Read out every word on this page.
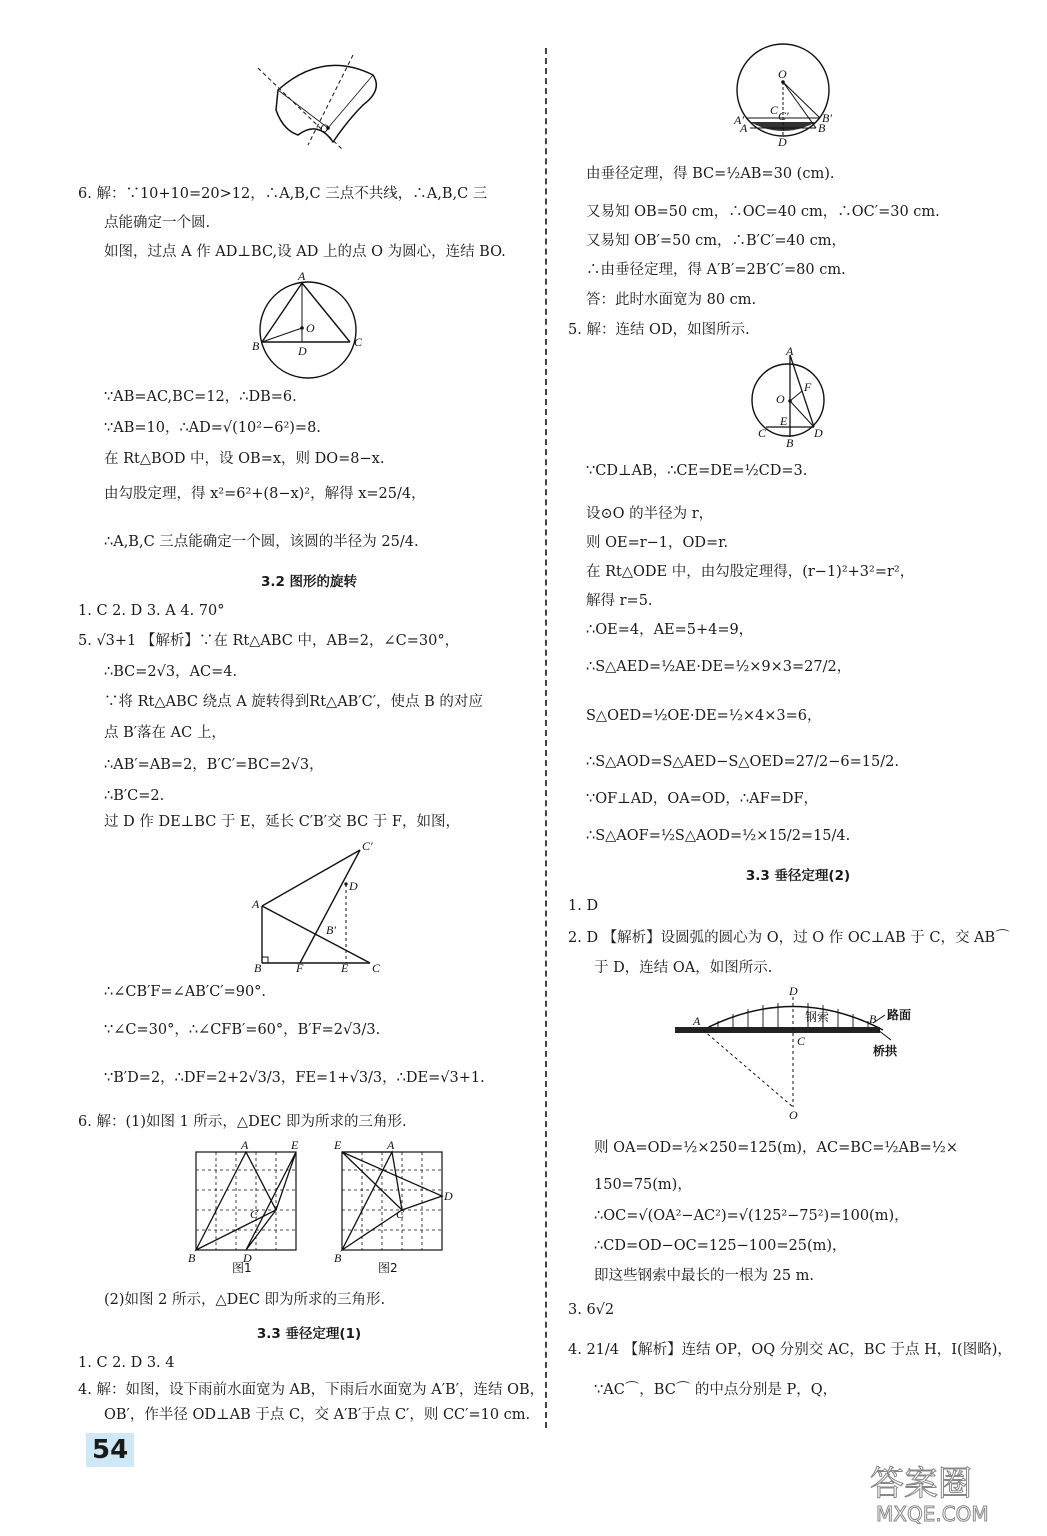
O
6. 解：∵10+10=20>12，∴A,B,C 三点不共线，∴A,B,C 三
点能确定一个圆.
如图，过点 A 作 AD⊥BC,设 AD 上的点 O 为圆心，连结 BO.
A
B	C
D
O
∵AB=AC,BC=12，∴DB=6.
∵AB=10，∴AD=√(10²−6²)=8.
在 Rt△BOD 中，设 OB=x，则 DO=8−x.
由勾股定理，得 x²=6²+(8−x)²，解得 x=25/4，
∴A,B,C 三点能确定一个圆，该圆的半径为 25/4.
3.2 图形的旋转
1. C 2. D 3. A 4. 70°
5. √3+1 【解析】∵在 Rt△ABC 中，AB=2，∠C=30°，
∴BC=2√3，AC=4.
∵将 Rt△ABC 绕点 A 旋转得到Rt△AB′C′，使点 B 的对应
点 B′落在 AC 上，
∴AB′=AB=2，B′C′=BC=2√3，
∴B′C=2.
过 D 作 DE⊥BC 于 E，延长 C′B′交 BC 于 F，如图，
A
B	C
C′
D
B′
F	E
∴∠CB′F=∠AB′C′=90°.
∵∠C=30°，∴∠CFB′=60°，B′F=2√3/3.
∵B′D=2，∴DF=2+2√3/3，FE=1+√3/3，∴DE=√3+1.
6. 解：(1)如图 1 所示，△DEC 即为所求的三角形.
A	E
B	D
C
图1
E	A
D
B
C
图2
(2)如图 2 所示，△DEC 即为所求的三角形.
3.3 垂径定理(1)
1. C 2. D 3. 4
4. 解：如图，设下雨前水面宽为 AB，下雨后水面宽为 A′B′，连结 OB，
OB′，作半径 OD⊥AB 于点 C，交 A′B′于点 C′，则 CC′=10 cm.
O
C C′
A′
A
B′
B
D
由垂径定理，得 BC=½AB=30 (cm).
又易知 OB=50 cm，∴OC=40 cm，∴OC′=30 cm.
又易知 OB′=50 cm，∴B′C′=40 cm，
∴由垂径定理，得 A′B′=2B′C′=80 cm.
答：此时水面宽为 80 cm.
5. 解：连结 OD，如图所示.
A
F
O
E
C
B
D
∵CD⊥AB，∴CE=DE=½CD=3.
设⊙O 的半径为 r，
则 OE=r−1，OD=r.
在 Rt△ODE 中，由勾股定理得，(r−1)²+3²=r²，
解得 r=5.
∴OE=4，AE=5+4=9，
∴S△AED=½AE·DE=½×9×3=27/2，
S△OED=½OE·DE=½×4×3=6，
∴S△AOD=S△AED−S△OED=27/2−6=15/2.
∵OF⊥AD，OA=OD，∴AF=DF，
∴S△AOF=½S△AOD=½×15/2=15/4.
3.3 垂径定理(2)
1. D
2. D 【解析】设圆弧的圆心为 O，过 O 作 OC⊥AB 于 C，交 AB⌒
于 D，连结 OA，如图所示.
D
A	B
C
O
钢索	路面
桥拱
则 OA=OD=½×250=125(m)，AC=BC=½AB=½×
150=75(m)，
∴OC=√(OA²−AC²)=√(125²−75²)=100(m)，
∴CD=OD−OC=125−100=25(m)，
即这些钢索中最长的一根为 25 m.
3. 6√2
4. 21/4 【解析】连结 OP，OQ 分别交 AC，BC 于点 H，I(图略)，
∵AC⌒，BC⌒ 的中点分别是 P，Q，
54
答案圈
MXQE.COM
